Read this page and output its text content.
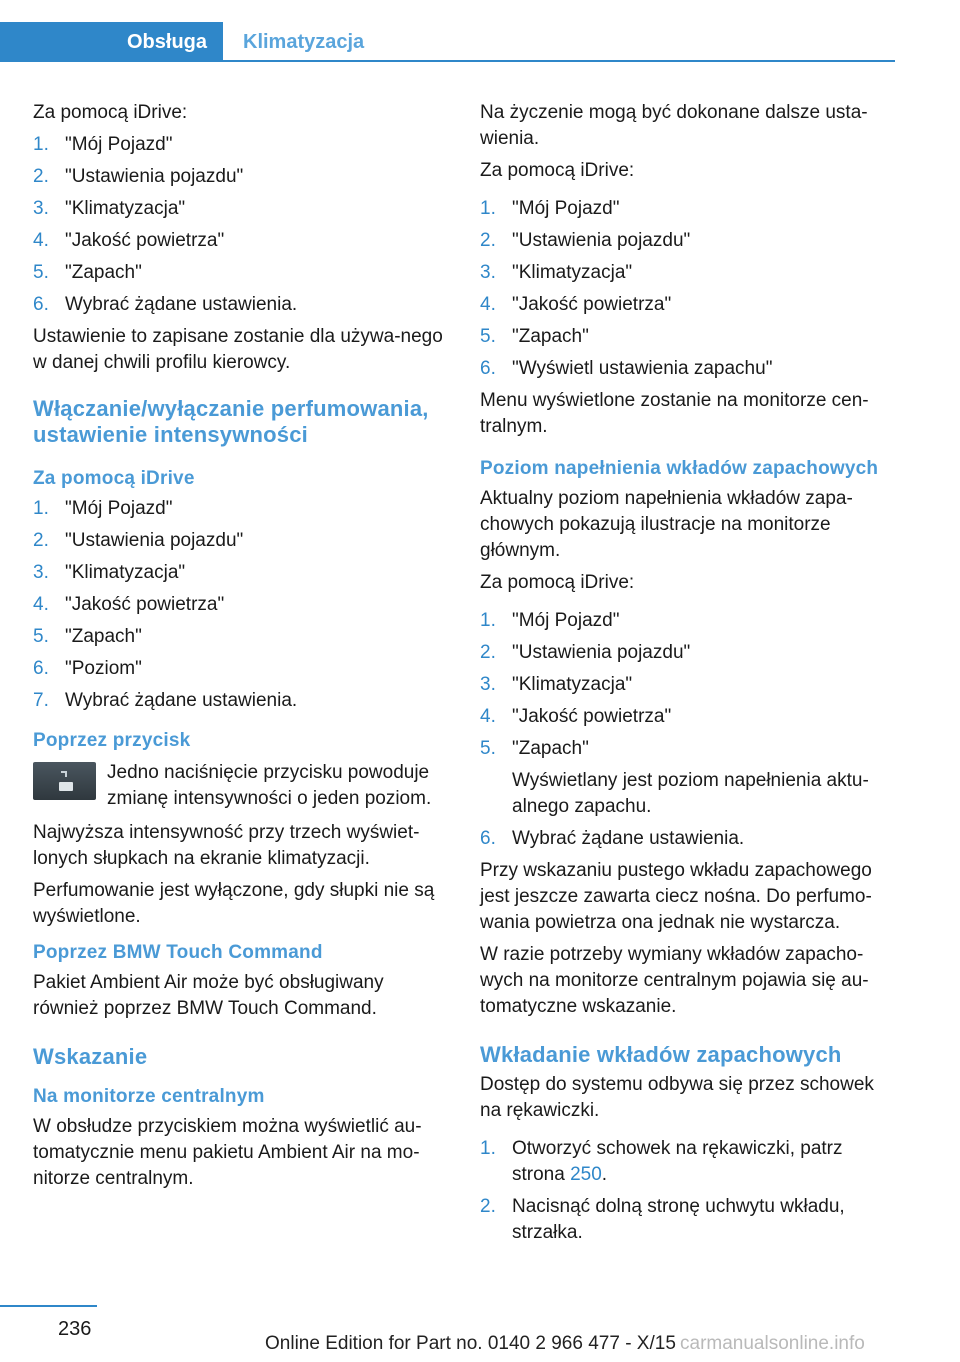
Obsługa	Klimatyzacja

Za pomocą iDrive:

1. "Mój Pojazd"
2. "Ustawienia pojazdu"
3. "Klimatyzacja"
4. "Jakość powietrza"
5. "Zapach"
6. Wybrać żądane ustawienia.

Ustawienie to zapisane zostanie dla używa‐nego w danej chwili profilu kierowcy.

Włączanie/wyłączanie perfumowania, ustawienie intensywności
Za pomocą iDrive
1. "Mój Pojazd"
2. "Ustawienia pojazdu"
3. "Klimatyzacja"
4. "Jakość powietrza"
5. "Zapach"
6. "Poziom"
7. Wybrać żądane ustawienia.
Poprzez przycisk
Jedno naciśnięcie przycisku powoduje zmianę intensywności o jeden poziom.

Najwyższa intensywność przy trzech wyświet‐lonych słupkach na ekranie klimatyzacji.

Perfumowanie jest wyłączone, gdy słupki nie są wyświetlone.

Poprzez BMW Touch Command

Pakiet Ambient Air może być obsługiwany również poprzez BMW Touch Command.

Wskazanie
Na monitorze centralnym

W obsłudze przyciskiem można wyświetlić au‐tomatycznie menu pakietu Ambient Air na mo‐nitorze centralnym.

Na życzenie mogą być dokonane dalsze usta‐wienia.

Za pomocą iDrive:

1. "Mój Pojazd"
2. "Ustawienia pojazdu"
3. "Klimatyzacja"
4. "Jakość powietrza"
5. "Zapach"
6. "Wyświetl ustawienia zapachu"

Menu wyświetlone zostanie na monitorze cen‐tralnym.

Poziom napełnienia wkładów zapachowych

Aktualny poziom napełnienia wkładów zapa‐chowych pokazują ilustracje na monitorze głównym.

Za pomocą iDrive:

1. "Mój Pojazd"
2. "Ustawienia pojazdu"
3. "Klimatyzacja"
4. "Jakość powietrza"
5. "Zapach"
Wyświetlany jest poziom napełnienia aktu‐alnego zapachu.
6. Wybrać żądane ustawienia.

Przy wskazaniu pustego wkładu zapachowego jest jeszcze zawarta ciecz nośna. Do perfumo‐wania powietrza ona jednak nie wystarcza.

W razie potrzeby wymiany wkładów zapacho‐wych na monitorze centralnym pojawia się au‐tomatyczne wskazanie.

Wkładanie wkładów zapachowych

Dostęp do systemu odbywa się przez schowek na rękawiczki.

1. Otworzyć schowek na rękawiczki, patrz strona 250.
2. Nacisnąć dolną stronę uchwytu wkładu, strzałka.
236
Online Edition for Part no. 0140 2 966 477 - X/15 carmanualsonline.info
